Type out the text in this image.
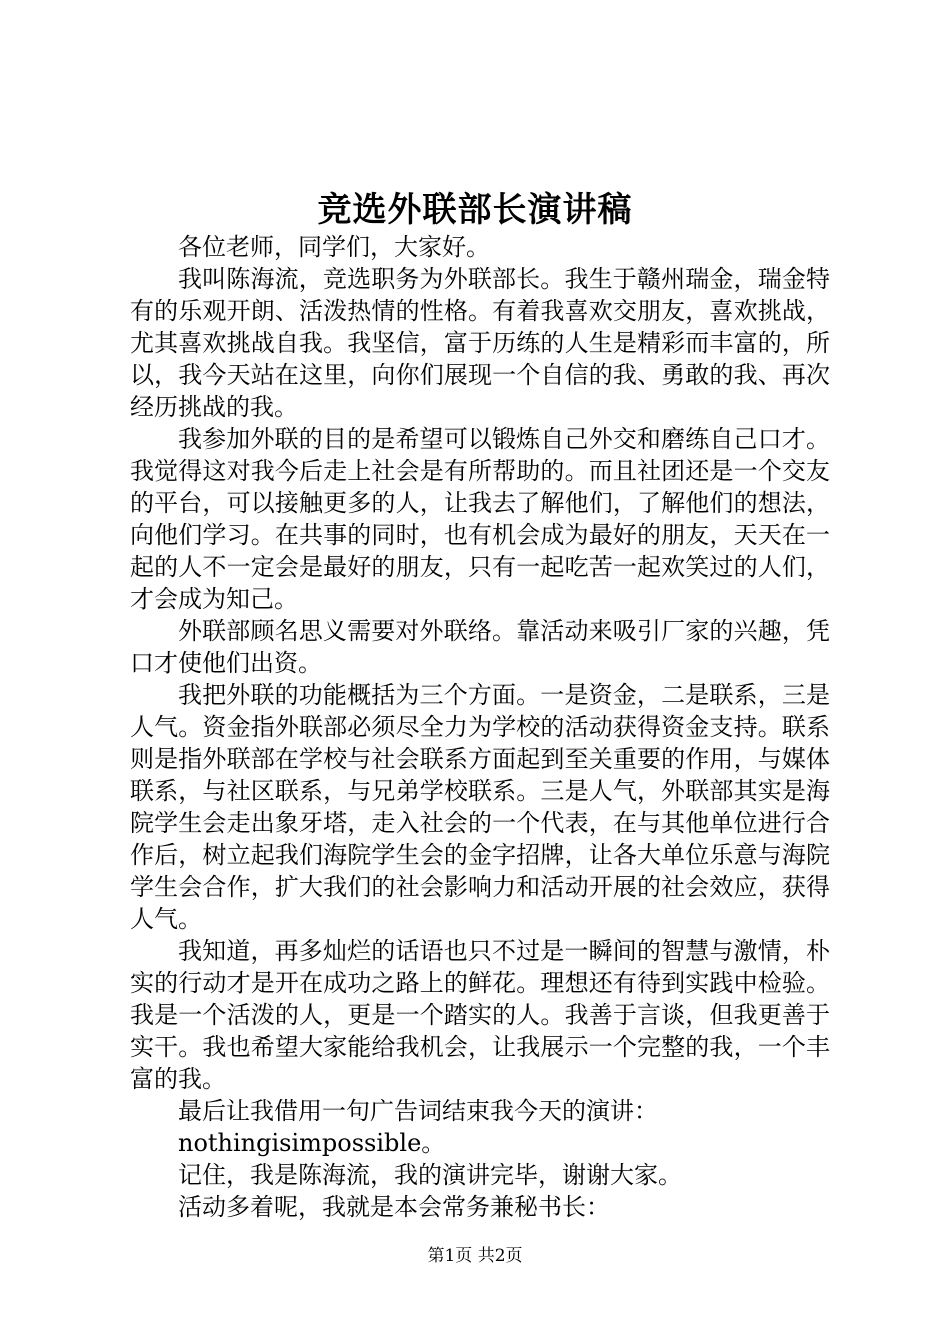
竞选外联部长演讲稿

各位老师，同学们，大家好。

我叫陈海流，竞选职务为外联部长。我生于赣州瑞金，瑞金特有的乐观开朗、活泼热情的性格。有着我喜欢交朋友，喜欢挑战，尤其喜欢挑战自我。我坚信，富于历练的人生是精彩而丰富的，所以，我今天站在这里，向你们展现一个自信的我、勇敢的我、再次经历挑战的我。

我参加外联的目的是希望可以锻炼自己外交和磨练自己口才。我觉得这对我今后走上社会是有所帮助的。而且社团还是一个交友的平台，可以接触更多的人，让我去了解他们，了解他们的想法，向他们学习。在共事的同时，也有机会成为最好的朋友，天天在一起的人不一定会是最好的朋友，只有一起吃苦一起欢笑过的人们，才会成为知己。

外联部顾名思义需要对外联络。靠活动来吸引厂家的兴趣，凭口才使他们出资。

我把外联的功能概括为三个方面。一是资金，二是联系，三是人气。资金指外联部必须尽全力为学校的活动获得资金支持。联系则是指外联部在学校与社会联系方面起到至关重要的作用，与媒体联系，与社区联系，与兄弟学校联系。三是人气，外联部其实是海院学生会走出象牙塔，走入社会的一个代表，在与其他单位进行合作后，树立起我们海院学生会的金字招牌，让各大单位乐意与海院学生会合作，扩大我们的社会影响力和活动开展的社会效应，获得人气。

我知道，再多灿烂的话语也只不过是一瞬间的智慧与激情，朴实的行动才是开在成功之路上的鲜花。理想还有待到实践中检验。我是一个活泼的人，更是一个踏实的人。我善于言谈，但我更善于实干。我也希望大家能给我机会，让我展示一个完整的我，一个丰富的我。

最后让我借用一句广告词结束我今天的演讲：

nothingisimpossible。

记住，我是陈海流，我的演讲完毕，谢谢大家。

活动多着呢，我就是本会常务兼秘书长：

第1页 共2页
